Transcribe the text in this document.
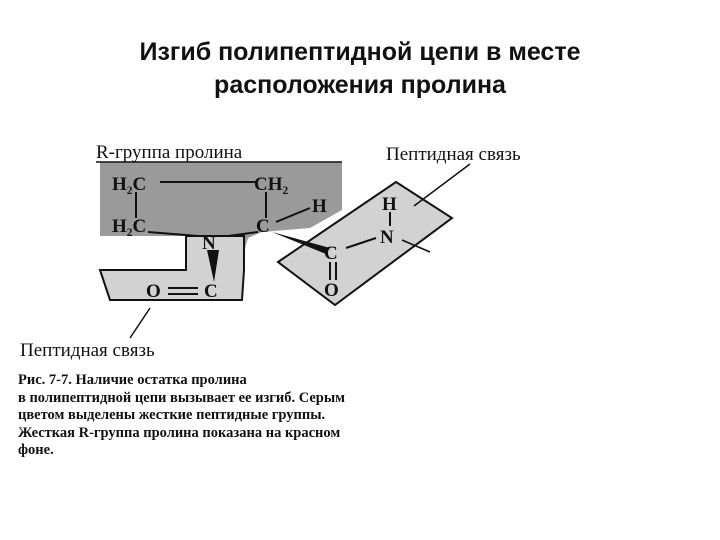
Изгиб полипептидной цепи в месте
расположения пролина
R-группа пролина	Пептидная связь
H₂C	CH₂
H₂C	C
H
N
O C
C
O
N
H
Пептидная связь
Рис. 7-7. Наличие остатка пролина
в полипептидной цепи вызывает ее изгиб. Серым
цветом выделены жесткие пептидные группы.
Жесткая R-группа пролина показана на красном
фоне.
